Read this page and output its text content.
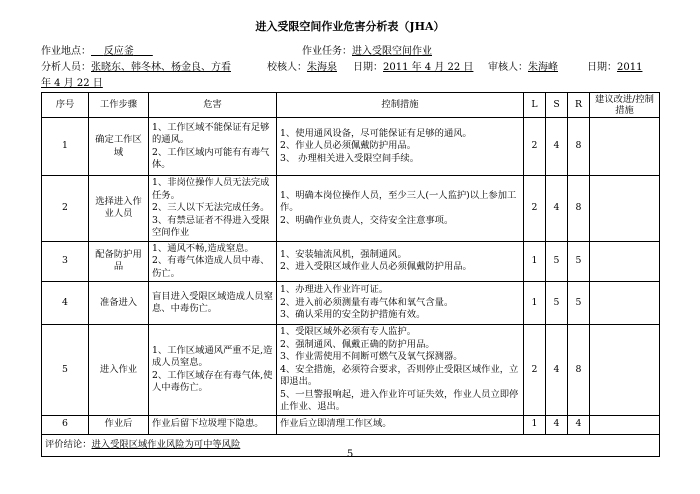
进入受限空间作业危害分析表（JHA）
作业地点： 反应釜	作业任务：进入受限空间作业
分析人员：张晓东、韩冬林、杨金良、方看	校核人：朱海泉 日期：2011 年 4 月 22 日 审核人：朱海峰	日期：2011
年 4 月 22 日
序号	工作步骤	危害	控制措施	L	S	R	建议改进/控制措施
1	确定工作区域	1、工作区域不能保证有足够的通风。
2、工作区域内可能有有毒气体。	1、使用通风设备，尽可能保证有足够的通风。
2、作业人员必须佩戴防护用品。
3、 办理相关进入受限空间手续。	2	4	8	
2	选择进入作业人员	1、非岗位操作人员无法完成任务。
2、三人以下无法完成任务。
3、有禁忌证者不得进入受限空间作业	1、明确本岗位操作人员，至少三人(一人监护)以上参加工作。
2、明确作业负责人，交待安全注意事项。	2	4	8	
3	配备防护用　品	1、通风不畅,造成窒息。
2、有毒气体造成人员中毒、伤亡。	1、安装轴流风机，强制通风。
2、进入受限区域作业人员必须佩戴防护用品。	1	5	5	
4	准备进入	盲目进入受限区域造成人员窒息、中毒伤亡。	1、办理进入作业许可证。
2、进入前必须测量有毒气体和氧气含量。
3、确认采用的安全防护措施有效。	1	5	5	
5	进入作业	1、工作区域通风严重不足,造成人员窒息。
2、工作区域存在有毒气体,使人中毒伤亡。	1、受限区域外必须有专人监护。
2、强制通风、佩戴正确的防护用品。
3、作业需使用不间断可燃气及氧气探测器。
4、安全措施，必须符合要求，否则停止受限区域作业，立即退出。
5、一旦警报响起，进入作业许可证失效，作业人员立即停止作业、退出。	2	4	8	
6	作业后	作业后留下垃圾埋下隐患。	作业后立即清理工作区域。	1	4	4	
评价结论：进入受限区域作业风险为可中等风险							
5
